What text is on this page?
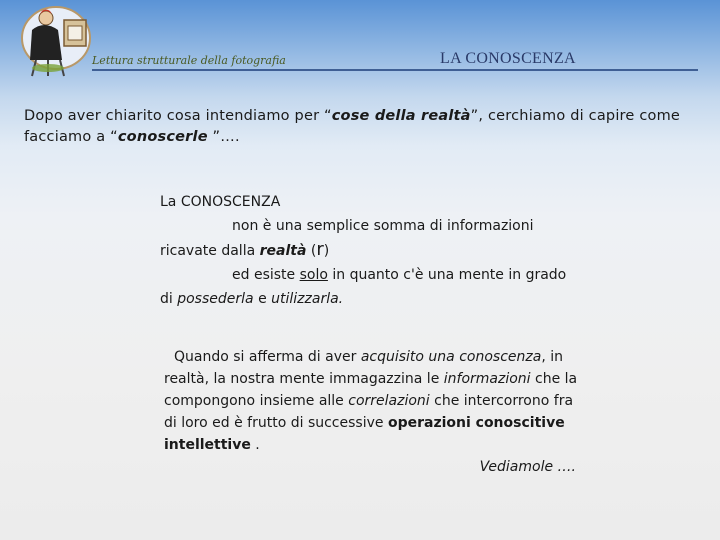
Lettura strutturale della fotografia	LA CONOSCENZA
Dopo aver chiarito cosa intendiamo per “cose della realtà”, cerchiamo di capire come facciamo a “conoscerle ”….
La CONOSCENZA
non è una semplice somma di informazioni
ricavate dalla realtà (r)
ed esiste solo in quanto c'è una mente in grado
di possederla e utilizzarla.
Quando si afferma di aver acquisito una conoscenza, in realtà, la nostra mente immagazzina le informazioni che la compongono insieme alle correlazioni che intercorrono fra di loro ed è frutto di successive operazioni conoscitive intellettive .
Vediamole ….
